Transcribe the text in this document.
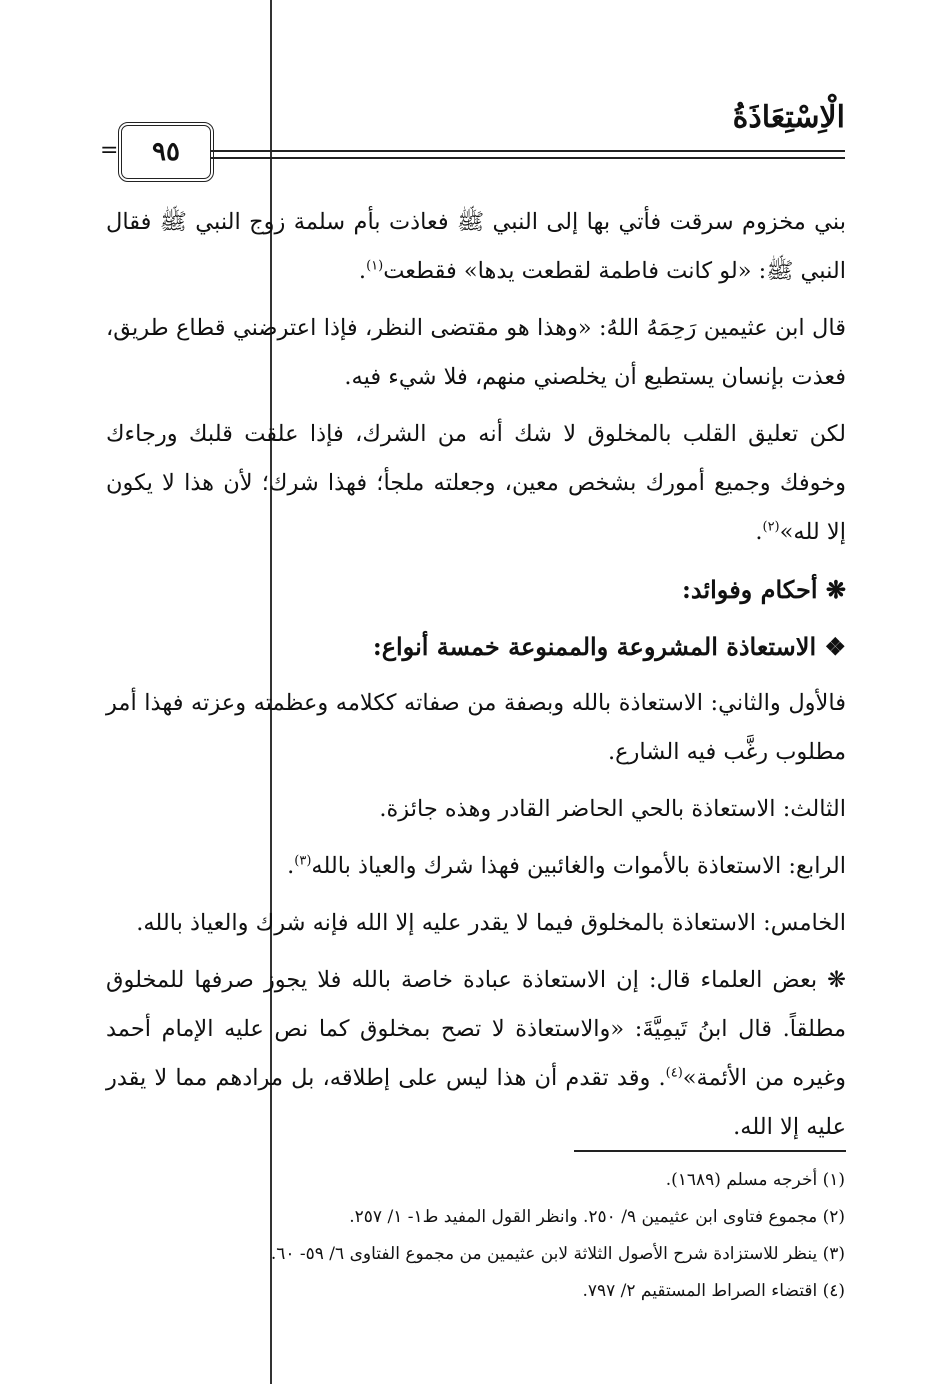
الْاِسْتِعَاذَةُ
= ٩٥

بني مخزوم سرقت فأتي بها إلى النبي ﷺ فعاذت بأم سلمة زوج النبي ﷺ فقال النبي ﷺ: «لو كانت فاطمة لقطعت يدها» فقطعت$^{(١)}$.

قال ابن عثيمين رَحِمَهُ اللهُ: «وهذا هو مقتضى النظر، فإذا اعترضني قطاع طريق، فعذت بإنسان يستطيع أن يخلصني منهم، فلا شيء فيه.

لكن تعليق القلب بالمخلوق لا شك أنه من الشرك، فإذا علقت قلبك ورجاءك وخوفك وجميع أمورك بشخص معين، وجعلته ملجأ؛ فهذا شرك؛ لأن هذا لا يكون إلا لله»$^{(٢)}$.

❋ أحكام وفوائد:

❖ الاستعاذة المشروعة والممنوعة خمسة أنواع:

فالأول والثاني: الاستعاذة بالله وبصفة من صفاته ككلامه وعظمته وعزته فهذا أمر مطلوب رغَّب فيه الشارع.

الثالث: الاستعاذة بالحي الحاضر القادر وهذه جائزة.

الرابع: الاستعاذة بالأموات والغائبين فهذا شرك والعياذ بالله$^{(٣)}$.

الخامس: الاستعاذة بالمخلوق فيما لا يقدر عليه إلا الله فإنه شرك والعياذ بالله.

❋ بعض العلماء قال: إن الاستعاذة عبادة خاصة بالله فلا يجوز صرفها للمخلوق مطلقاً. قال ابنُ تَيمِيَّةَ: «والاستعاذة لا تصح بمخلوق كما نص عليه الإمام أحمد وغيره من الأئمة»$^{(٤)}$. وقد تقدم أن هذا ليس على إطلاقه، بل مرادهم مما لا يقدر عليه إلا الله.

(١) أخرجه مسلم (١٦٨٩).
(٢) مجموع فتاوى ابن عثيمين ٩/ ٢٥٠. وانظر القول المفيد ط١- ١/ ٢٥٧.
(٣) ينظر للاستزادة شرح الأصول الثلاثة لابن عثيمين من مجموع الفتاوى ٦/ ٥٩- ٦٠.
(٤) اقتضاء الصراط المستقيم ٢/ ٧٩٧.
